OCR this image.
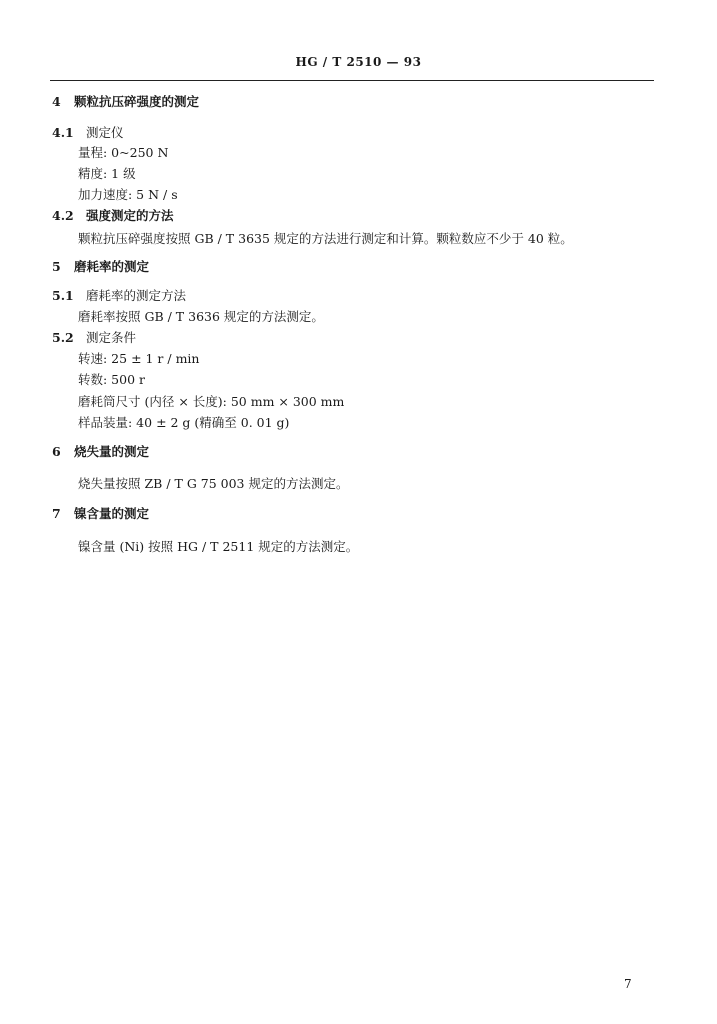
HG / T 2510 — 93
4 颗粒抗压碎强度的测定
4.1 测定仪
量程: 0~250 N
精度: 1 级
加力速度: 5 N / s
4.2 强度测定的方法
颗粒抗压碎强度按照 GB / T 3635 规定的方法进行测定和计算。颗粒数应不少于 40 粒。
5 磨耗率的测定
5.1 磨耗率的测定方法
磨耗率按照 GB / T 3636 规定的方法测定。
5.2 测定条件
转速: 25 ± 1 r / min
转数: 500 r
磨耗筒尺寸 (内径 × 长度): 50 mm × 300 mm
样品装量: 40 ± 2 g (精确至 0. 01 g)
6 烧失量的测定
烧失量按照 ZB / T G 75 003 规定的方法测定。
7 镍含量的测定
镍含量 (Ni) 按照 HG / T 2511 规定的方法测定。
7
